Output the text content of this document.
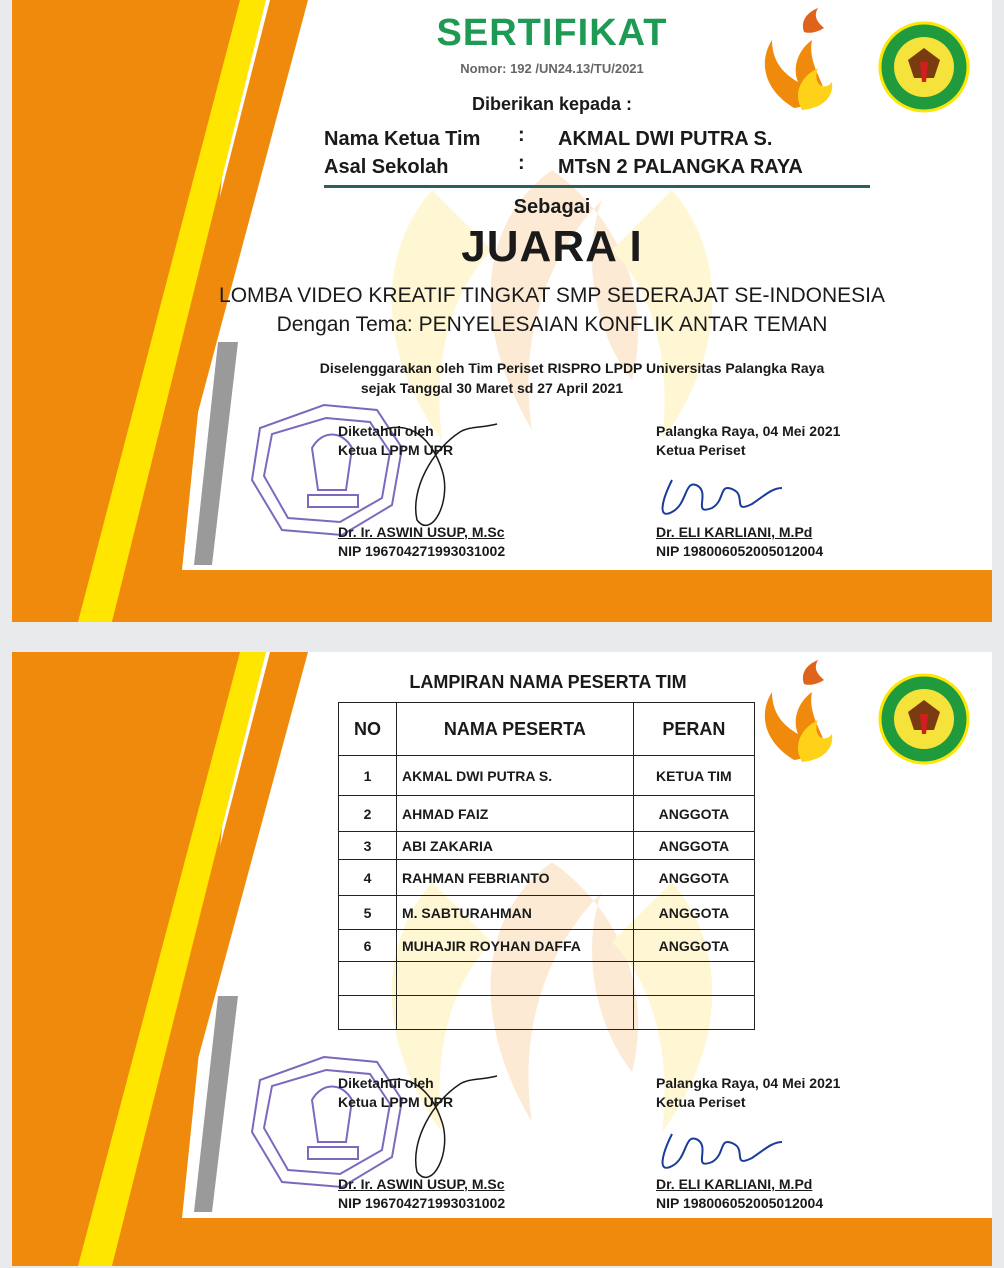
SERTIFIKAT
Nomor: 192 /UN24.13/TU/2021
Diberikan kepada :
Nama Ketua Tim : AKMAL DWI PUTRA S.
Asal Sekolah	: MTsN 2 PALANGKA RAYA
Sebagai
JUARA I
LOMBA VIDEO KREATIF TINGKAT SMP SEDERAJAT SE-INDONESIA
Dengan Tema: PENYELESAIAN KONFLIK ANTAR TEMAN
Diselenggarakan oleh Tim Periset RISPRO LPDP Universitas Palangka Raya
sejak Tanggal 30 Maret sd 27 April 2021
Diketahui oleh
Ketua LPPM UPR
Dr. Ir. ASWIN USUP, M.Sc
NIP 196704271993031002
Palangka Raya, 04 Mei 2021
Ketua Periset
Dr. ELI KARLIANI, M.Pd
NIP 198006052005012004
LAMPIRAN NAMA PESERTA TIM
NO	NAMA PESERTA	PERAN
1	AKMAL DWI PUTRA S.	KETUA TIM
2	AHMAD FAIZ	ANGGOTA
3	ABI ZAKARIA	ANGGOTA
4	RAHMAN FEBRIANTO	ANGGOTA
5	M. SABTURAHMAN	ANGGOTA
6	MUHAJIR ROYHAN DAFFA	ANGGOTA

Diketahui oleh
Ketua LPPM UPR
Dr. Ir. ASWIN USUP, M.Sc
NIP 196704271993031002
Palangka Raya, 04 Mei 2021
Ketua Periset
Dr. ELI KARLIANI, M.Pd
NIP 198006052005012004
